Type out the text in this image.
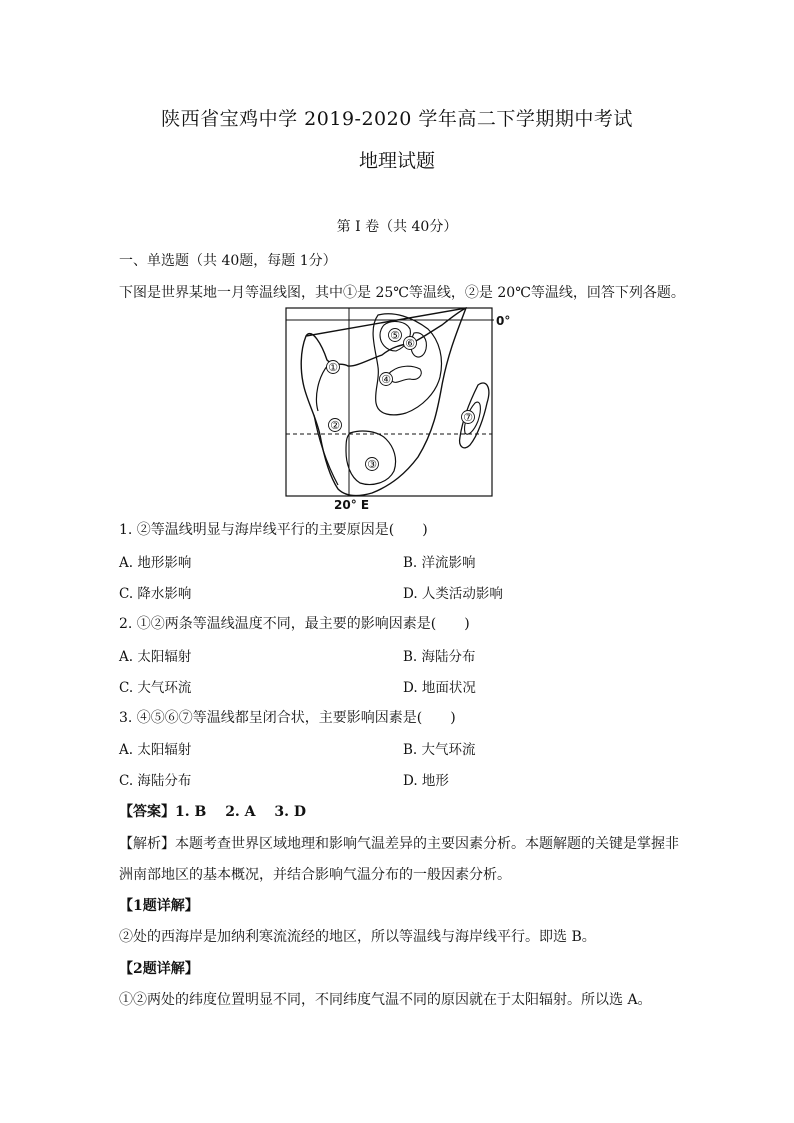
陕西省宝鸡中学 2019-2020 学年高二下学期期中考试
地理试题
第 I 卷（共 40分）
一、单选题（共 40题，每题 1分）
下图是世界某地一月等温线图，其中①是 25℃等温线，②是 20℃等温线，回答下列各题。
①
②
③
④
⑤
⑥
⑦
0°
20° E
1. ②等温线明显与海岸线平行的主要原因是(　　)
A. 地形影响	B. 洋流影响
C. 降水影响	D. 人类活动影响
2. ①②两条等温线温度不同，最主要的影响因素是(　　)
A. 太阳辐射	B. 海陆分布
C. 大气环流	D. 地面状况
3. ④⑤⑥⑦等温线都呈闭合状，主要影响因素是(　　)
A. 太阳辐射	B. 大气环流
C. 海陆分布	D. 地形
【答案】1. B　 2. A　 3. D
【解析】本题考查世界区域地理和影响气温差异的主要因素分析。本题解题的关键是掌握非
洲南部地区的基本概况，并结合影响气温分布的一般因素分析。
【1题详解】
②处的西海岸是加纳利寒流流经的地区，所以等温线与海岸线平行。即选 B。
【2题详解】
①②两处的纬度位置明显不同，不同纬度气温不同的原因就在于太阳辐射。所以选 A。
